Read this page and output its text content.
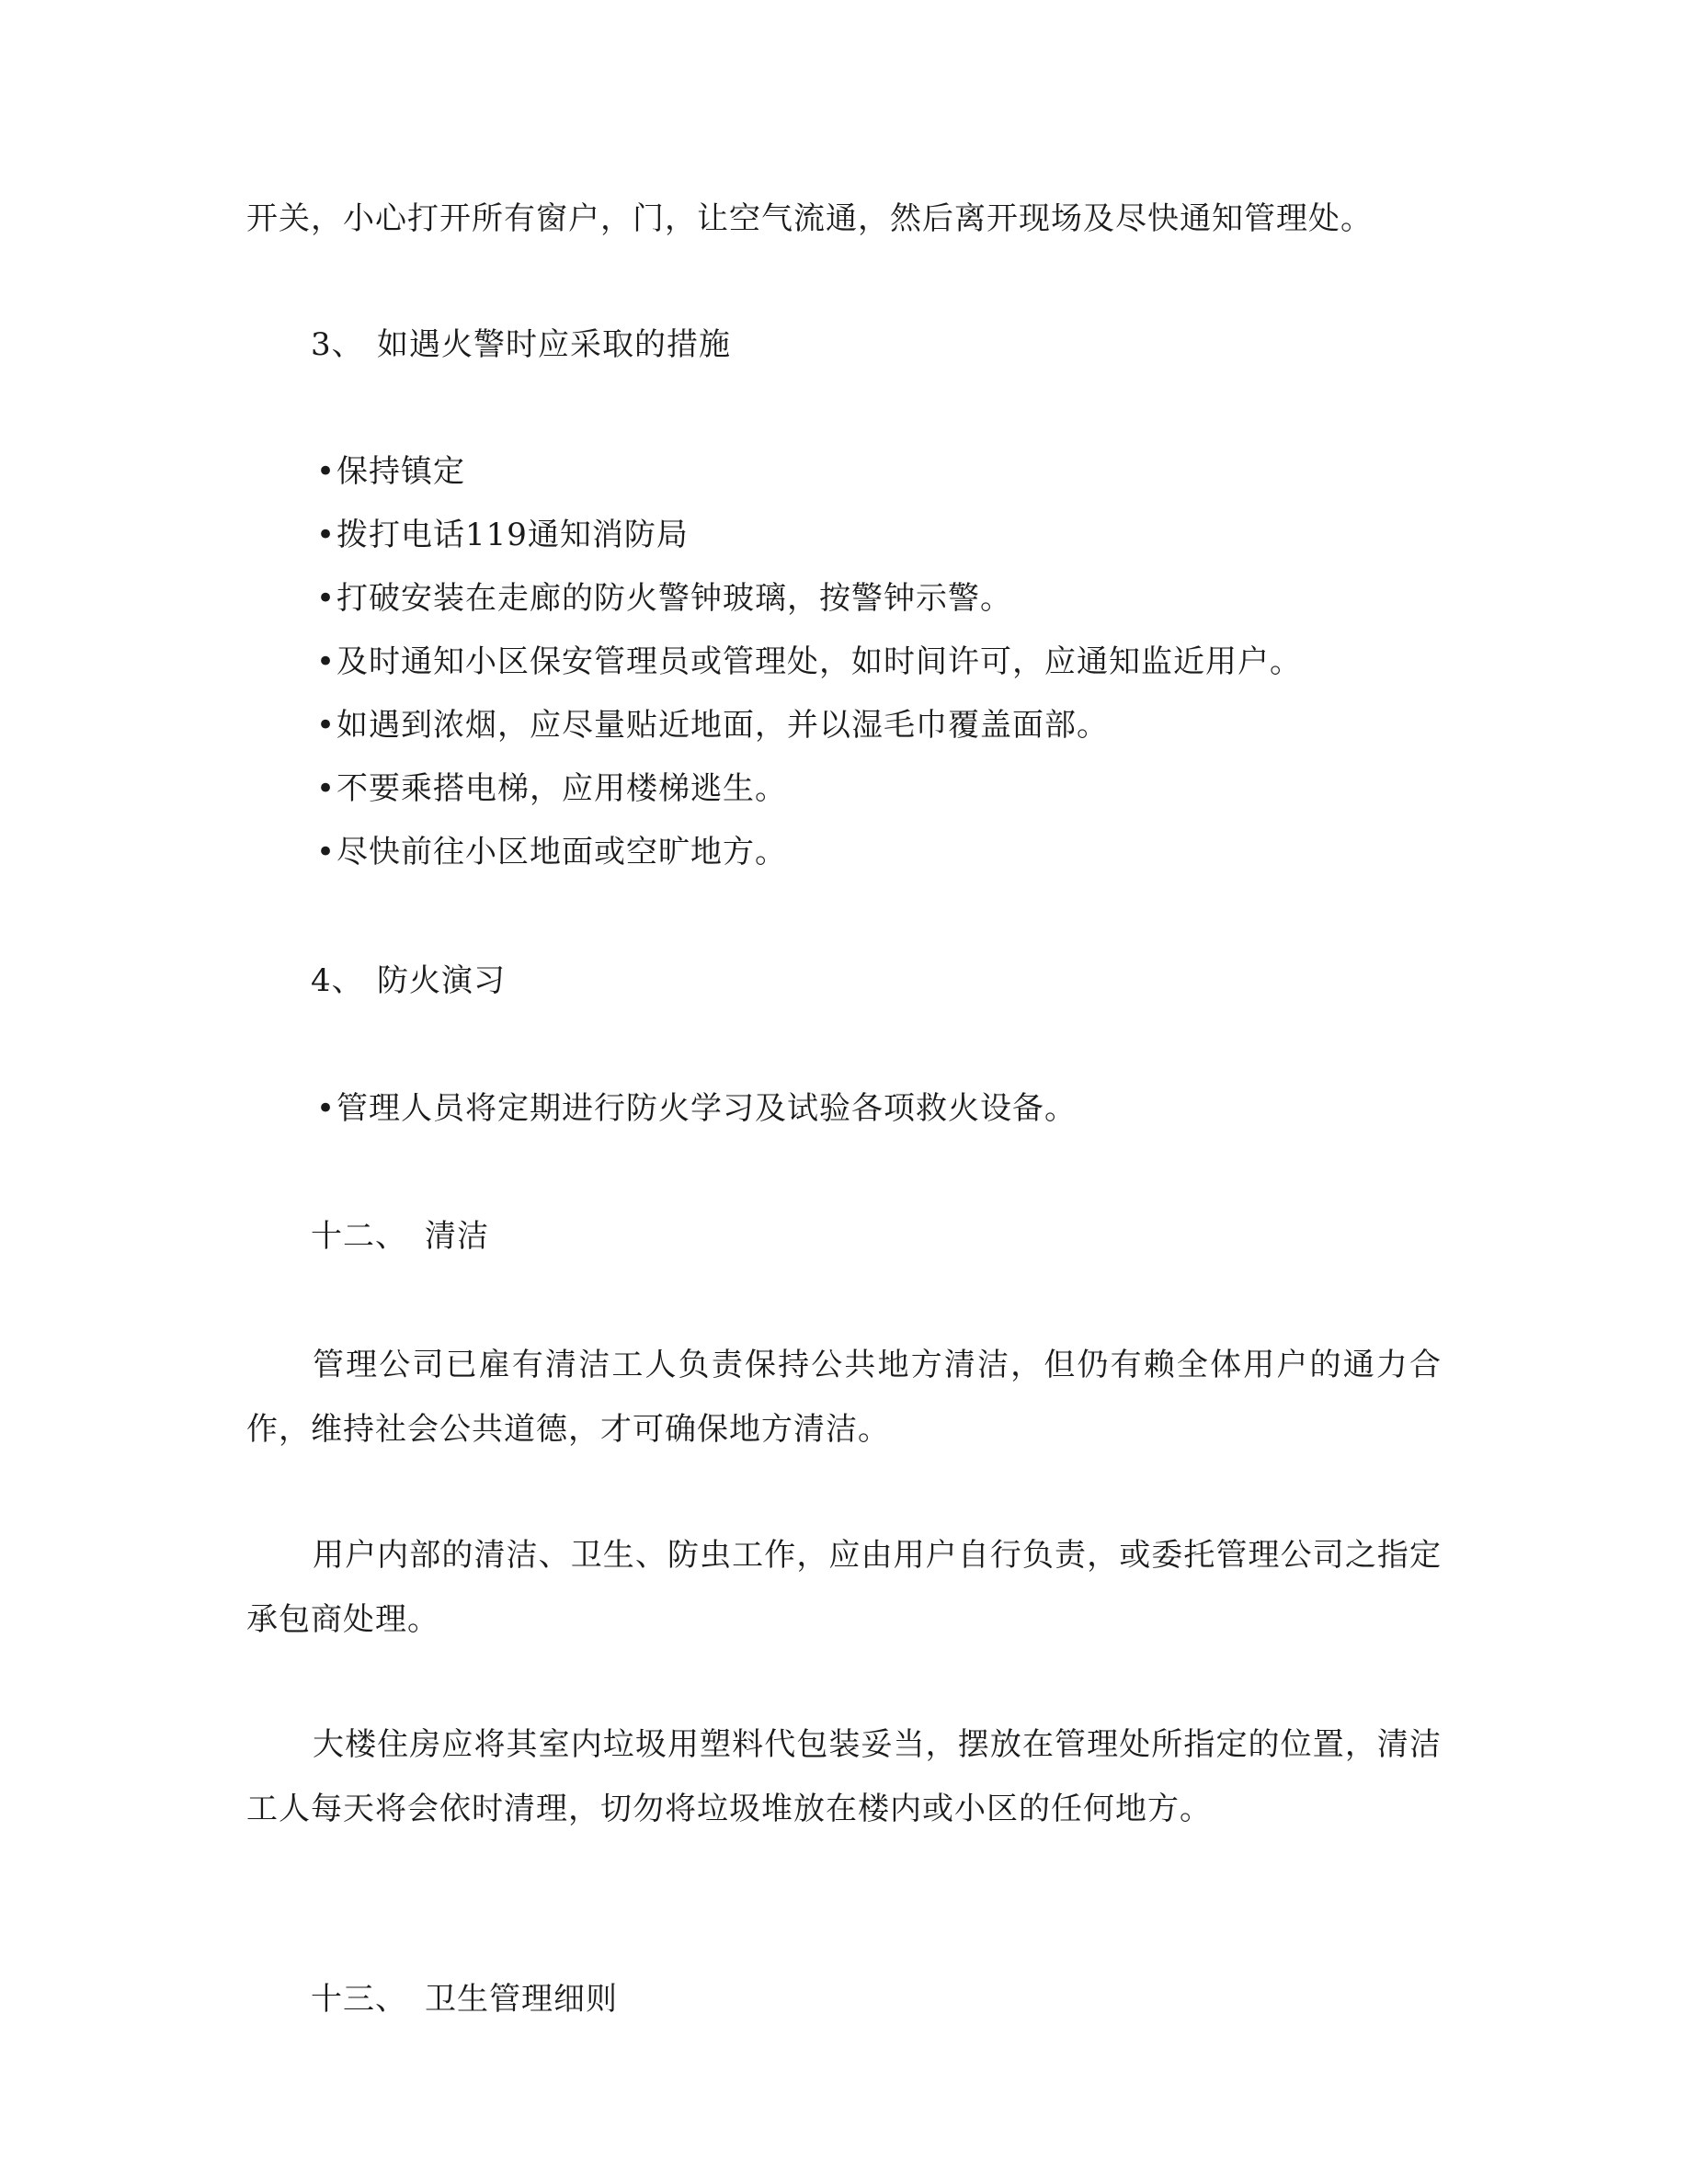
开关，小心打开所有窗户，门，让空气流通，然后离开现场及尽快通知管理处。
3、 如遇火警时应采取的措施
•保持镇定
•拨打电话119通知消防局
•打破安装在走廊的防火警钟玻璃，按警钟示警。
•及时通知小区保安管理员或管理处，如时间许可，应通知监近用户。
•如遇到浓烟，应尽量贴近地面，并以湿毛巾覆盖面部。
•不要乘搭电梯，应用楼梯逃生。
•尽快前往小区地面或空旷地方。
4、 防火演习
•管理人员将定期进行防火学习及试验各项救火设备。
十二、 清洁
管理公司已雇有清洁工人负责保持公共地方清洁，但仍有赖全体用户的通力合作，维持社会公共道德，才可确保地方清洁。
用户内部的清洁、卫生、防虫工作，应由用户自行负责，或委托管理公司之指定承包商处理。
大楼住房应将其室内垃圾用塑料代包装妥当，摆放在管理处所指定的位置，清洁工人每天将会依时清理，切勿将垃圾堆放在楼内或小区的任何地方。
十三、 卫生管理细则
